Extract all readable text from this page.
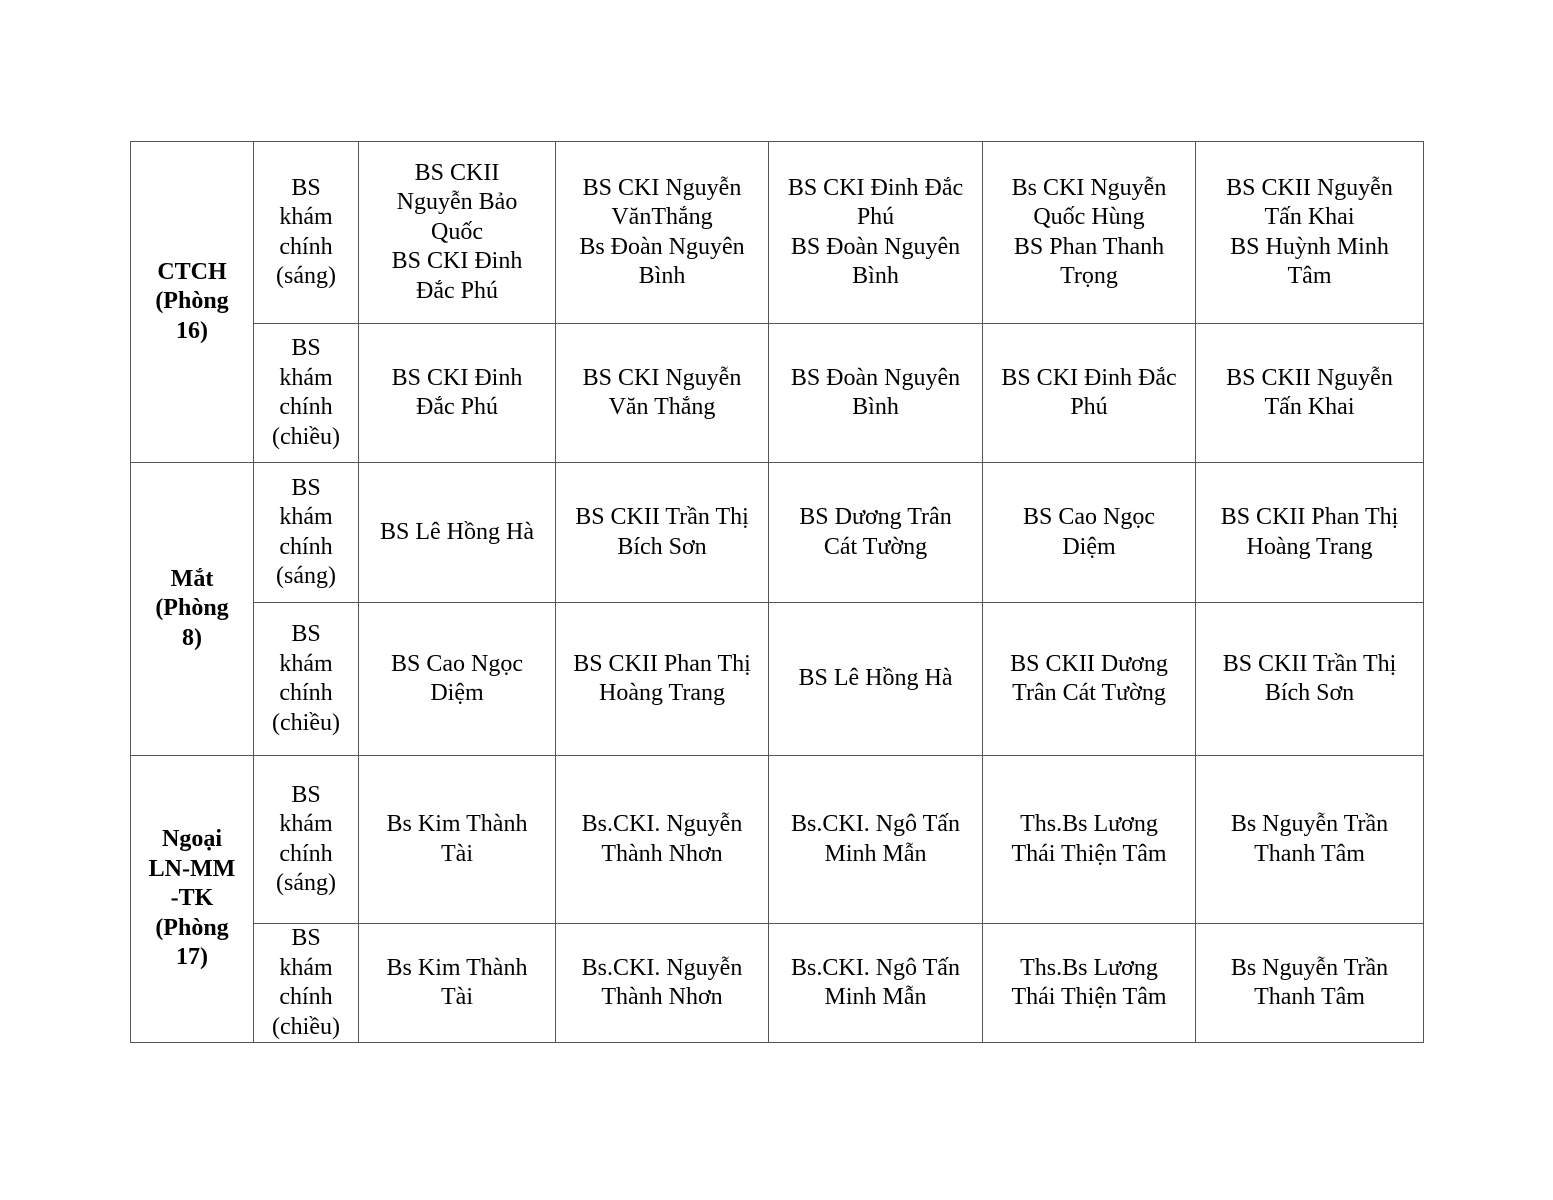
CTCH
(Phòng
16)	BS
khám
chính
(sáng)	BS CKII
Nguyễn Bảo
Quốc
BS CKI Đinh
Đắc Phú	BS CKI Nguyễn
VănThắng
Bs Đoàn Nguyên
Bình	BS CKI Đinh Đắc
Phú
BS Đoàn Nguyên
Bình	Bs CKI Nguyễn
Quốc Hùng
BS Phan Thanh
Trọng	BS CKII Nguyễn
Tấn Khai
BS Huỳnh Minh
Tâm
	BS
khám
chính
(chiều)	BS CKI Đinh
Đắc Phú	BS CKI Nguyễn
Văn Thắng	BS Đoàn Nguyên
Bình	BS CKI Đinh Đắc
Phú	BS CKII Nguyễn
Tấn Khai
Mắt
(Phòng
8)	BS
khám
chính
(sáng)	BS Lê Hồng Hà	BS CKII Trần Thị
Bích Sơn	BS Dương Trân
Cát Tường	BS Cao Ngọc
Diệm	BS CKII Phan Thị
Hoàng Trang
	BS
khám
chính
(chiều)	BS Cao Ngọc
Diệm	BS CKII Phan Thị
Hoàng Trang	BS Lê Hồng Hà	BS CKII Dương
Trân Cát Tường	BS CKII Trần Thị
Bích Sơn
Ngoại
LN-MM
-TK
(Phòng
17)	BS
khám
chính
(sáng)	Bs Kim Thành
Tài	Bs.CKI. Nguyễn
Thành Nhơn	Bs.CKI. Ngô Tấn
Minh Mẫn	Ths.Bs Lương
Thái Thiện Tâm	Bs Nguyễn Trần
Thanh Tâm
	BS
khám
chính
(chiều)	Bs Kim Thành
Tài	Bs.CKI. Nguyễn
Thành Nhơn	Bs.CKI. Ngô Tấn
Minh Mẫn	Ths.Bs Lương
Thái Thiện Tâm	Bs Nguyễn Trần
Thanh Tâm
